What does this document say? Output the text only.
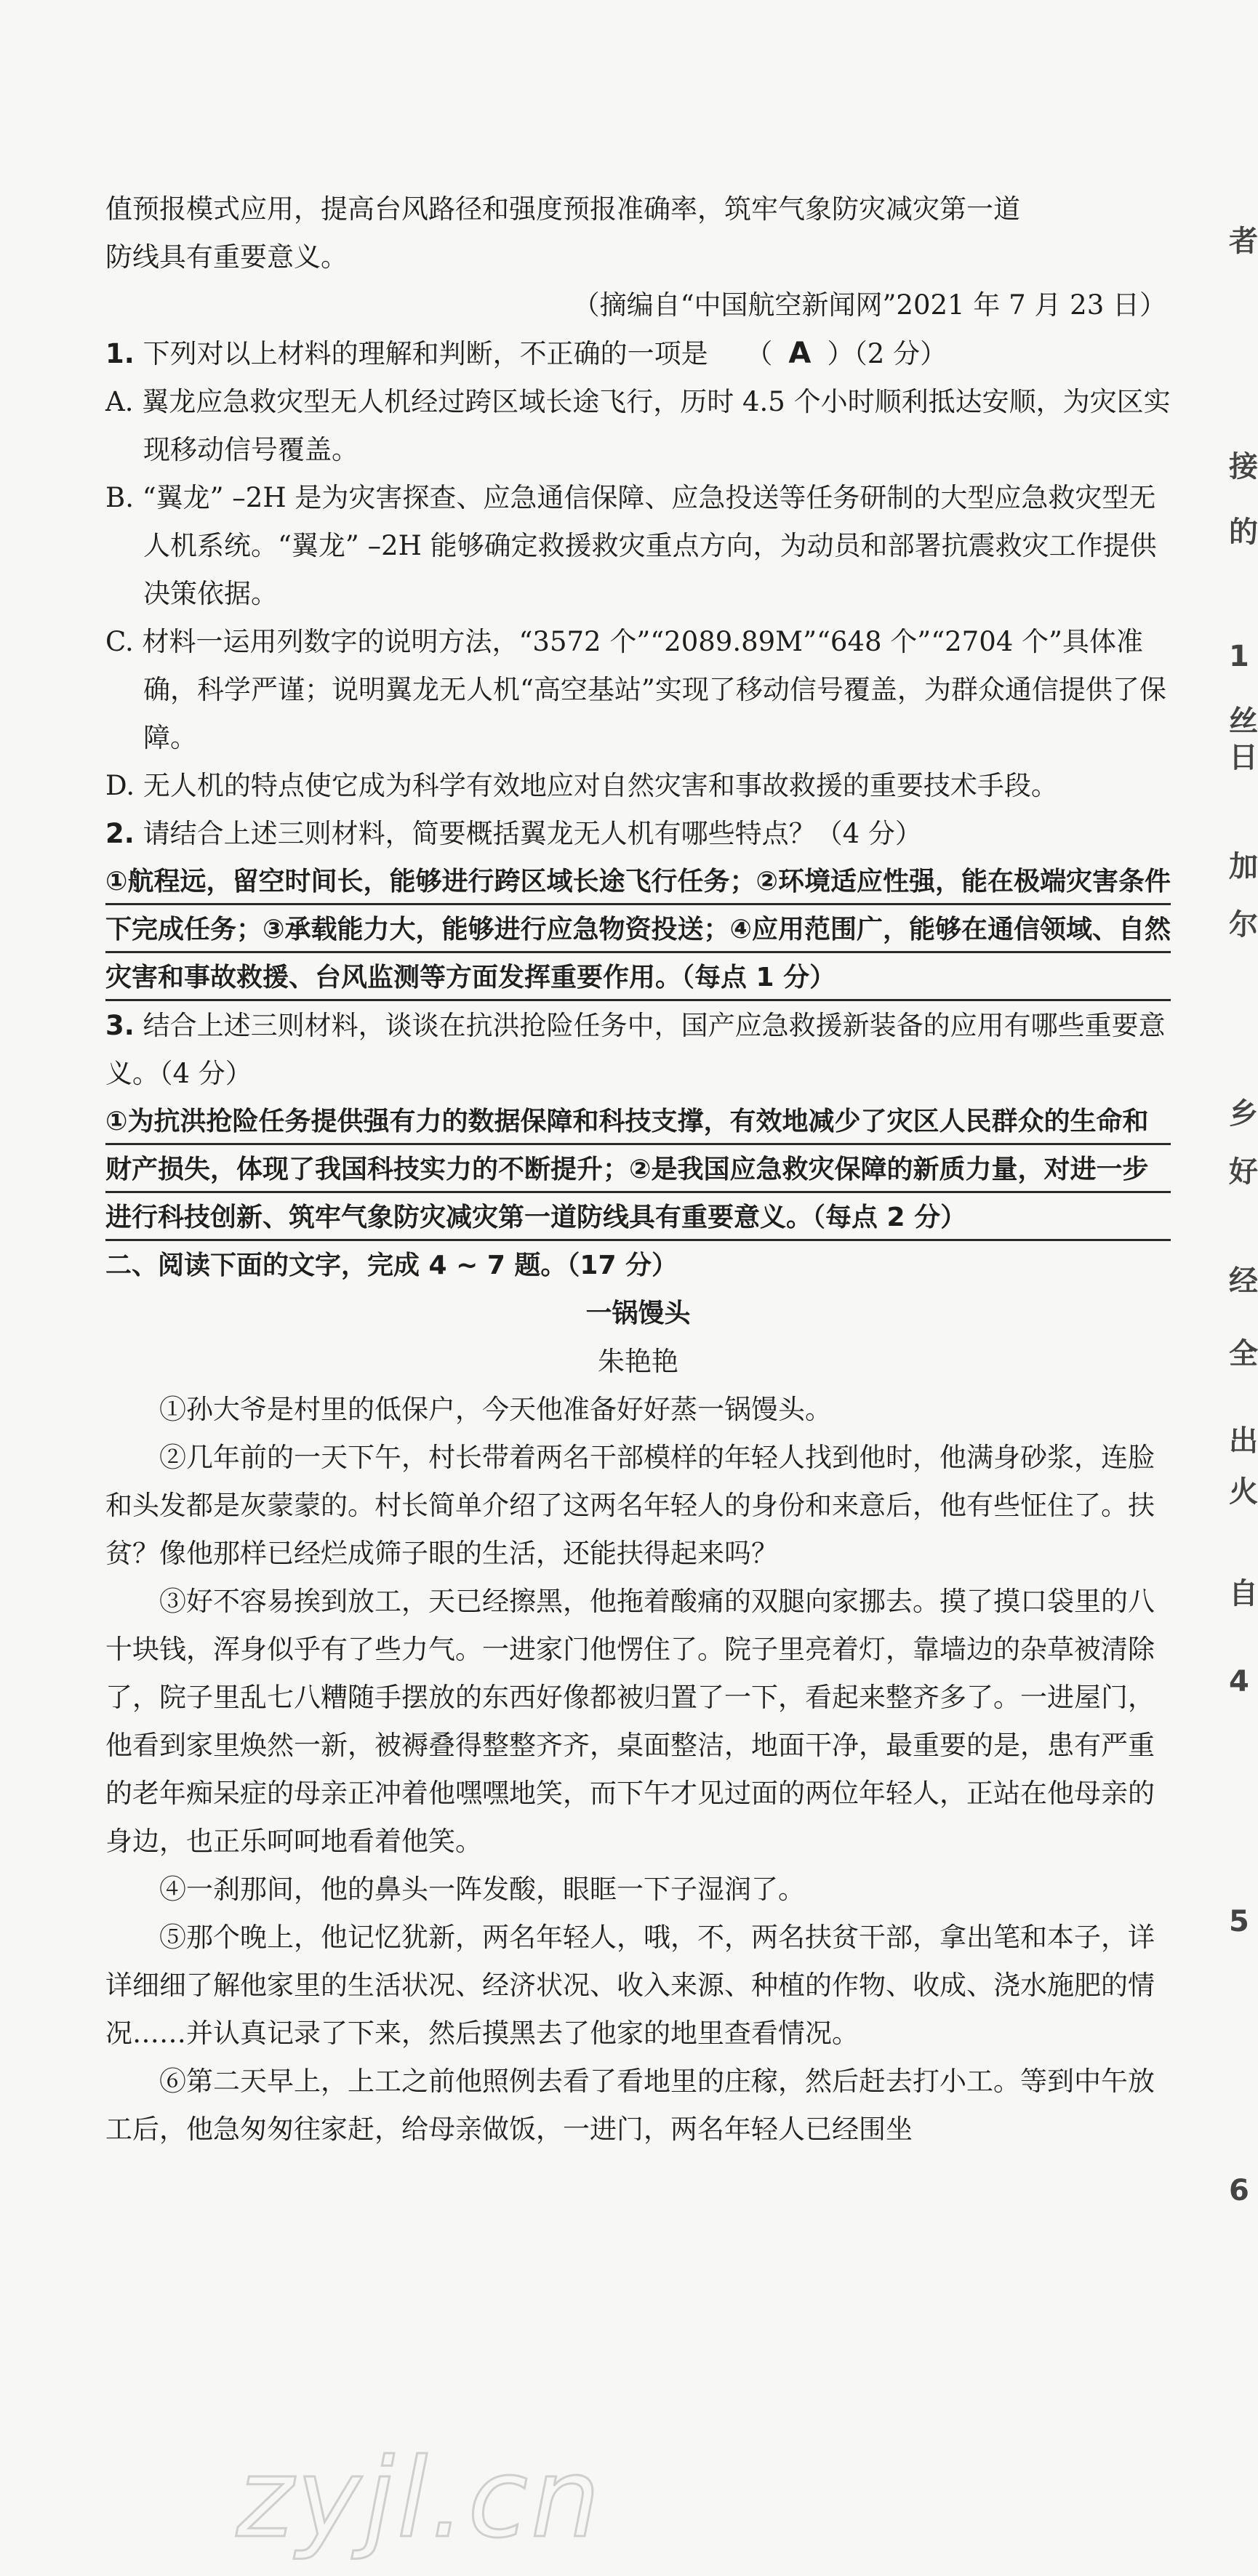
值预报模式应用，提高台风路径和强度预报准确率，筑牢气象防灾减灾第一道

防线具有重要意义。

（摘编自“中国航空新闻网”2021 年 7 月 23 日）

1. 下列对以上材料的理解和判断，不正确的一项是 （ A ）（2 分）

A. 翼龙应急救灾型无人机经过跨区域长途飞行，历时 4.5 个小时顺利抵达安顺，为灾区实现移动信号覆盖。

B. “翼龙” –2H 是为灾害探查、应急通信保障、应急投送等任务研制的大型应急救灾型无人机系统。“翼龙” –2H 能够确定救援救灾重点方向，为动员和部署抗震救灾工作提供决策依据。

C. 材料一运用列数字的说明方法，“3572 个”“2089.89M”“648 个”“2704 个”具体准确，科学严谨；说明翼龙无人机“高空基站”实现了移动信号覆盖，为群众通信提供了保障。

D. 无人机的特点使它成为科学有效地应对自然灾害和事故救援的重要技术手段。

2. 请结合上述三则材料，简要概括翼龙无人机有哪些特点？（4 分）

①航程远，留空时间长，能够进行跨区域长途飞行任务；②环境适应性强，能在极端灾害条件下完成任务；③承载能力大，能够进行应急物资投送；④应用范围广，能够在通信领域、自然灾害和事故救援、台风监测等方面发挥重要作用。（每点 1 分）

3. 结合上述三则材料，谈谈在抗洪抢险任务中，国产应急救援新装备的应用有哪些重要意义。（4 分）

①为抗洪抢险任务提供强有力的数据保障和科技支撑，有效地减少了灾区人民群众的生命和财产损失，体现了我国科技实力的不断提升；②是我国应急救灾保障的新质力量，对进一步进行科技创新、筑牢气象防灾减灾第一道防线具有重要意义。（每点 2 分）

二、阅读下面的文字，完成 4 ~ 7 题。（17 分）

一锅馒头

朱艳艳

①孙大爷是村里的低保户，今天他准备好好蒸一锅馒头。

②几年前的一天下午，村长带着两名干部模样的年轻人找到他时，他满身砂浆，连脸和头发都是灰蒙蒙的。村长简单介绍了这两名年轻人的身份和来意后，他有些怔住了。扶贫？像他那样已经烂成筛子眼的生活，还能扶得起来吗？

③好不容易挨到放工，天已经擦黑，他拖着酸痛的双腿向家挪去。摸了摸口袋里的八十块钱，浑身似乎有了些力气。一进家门他愣住了。院子里亮着灯，靠墙边的杂草被清除了，院子里乱七八糟随手摆放的东西好像都被归置了一下，看起来整齐多了。一进屋门，他看到家里焕然一新，被褥叠得整整齐齐，桌面整洁，地面干净，最重要的是，患有严重的老年痴呆症的母亲正冲着他嘿嘿地笑，而下午才见过面的两位年轻人，正站在他母亲的身边，也正乐呵呵地看着他笑。

④一刹那间，他的鼻头一阵发酸，眼眶一下子湿润了。

⑤那个晚上，他记忆犹新，两名年轻人，哦，不，两名扶贫干部，拿出笔和本子，详详细细了解他家里的生活状况、经济状况、收入来源、种植的作物、收成、浇水施肥的情况……并认真记录了下来，然后摸黑去了他家的地里查看情况。

⑥第二天早上，上工之前他照例去看了看地里的庄稼，然后赶去打小工。等到中午放工后，他急匆匆往家赶，给母亲做饭，一进门，两名年轻人已经围坐

者
接
的
1
丝
日
加
尔
乡
好
经
全
出
火
自
4
5
6
zyjl.cn
